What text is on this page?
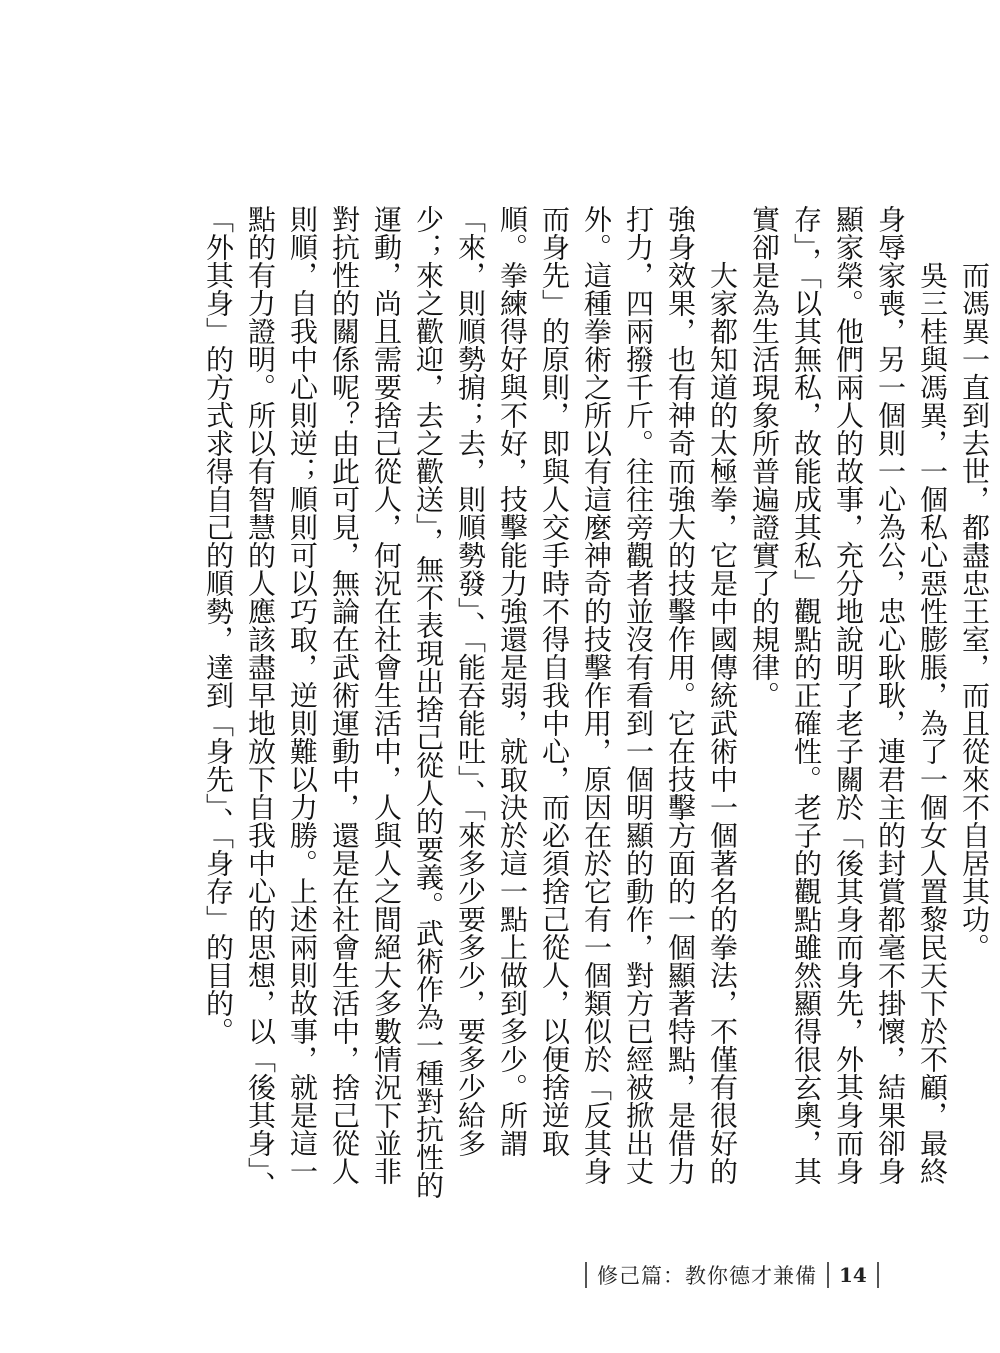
而馮異一直到去世，都盡忠王室，而且從來不自居其功。

吳三桂與馮異，一個私心惡性膨脹，為了一個女人置黎民天下於不顧，最終身辱家喪，另一個則一心為公，忠心耿耿，連君主的封賞都毫不掛懷，結果卻身顯家榮。他們兩人的故事，充分地說明了老子關於「後其身而身先，外其身而身存」，「以其無私，故能成其私」觀點的正確性。老子的觀點雖然顯得很玄奧，其實卻是為生活現象所普遍證實了的規律。

大家都知道的太極拳，它是中國傳統武術中一個著名的拳法，不僅有很好的強身效果，也有神奇而強大的技擊作用。它在技擊方面的一個顯著特點，是借力打力，四兩撥千斤。往往旁觀者並沒有看到一個明顯的動作，對方已經被掀出丈外。這種拳術之所以有這麼神奇的技擊作用，原因在於它有一個類似於「反其身而身先」的原則，即與人交手時不得自我中心，而必須捨己從人，以便捨逆取順。拳練得好與不好，技擊能力強還是弱，就取決於這一點上做到多少。所謂「來，則順勢掮；去，則順勢發」、「能吞能吐」、「來多少要多少，要多少給多少；來之歡迎，去之歡送」，無不表現出捨己從人的要義。武術作為一種對抗性的運動，尚且需要捨己從人，何況在社會生活中，人與人之間絕大多數情況下並非對抗性的關係呢？由此可見，無論在武術運動中，還是在社會生活中，捨己從人則順，自我中心則逆；順則可以巧取，逆則難以力勝。上述兩則故事，就是這一點的有力證明。所以有智慧的人應該盡早地放下自我中心的思想，以「後其身」、「外其身」的方式求得自己的順勢，達到「身先」、「身存」的目的。

修己篇：教你德才兼備 14
